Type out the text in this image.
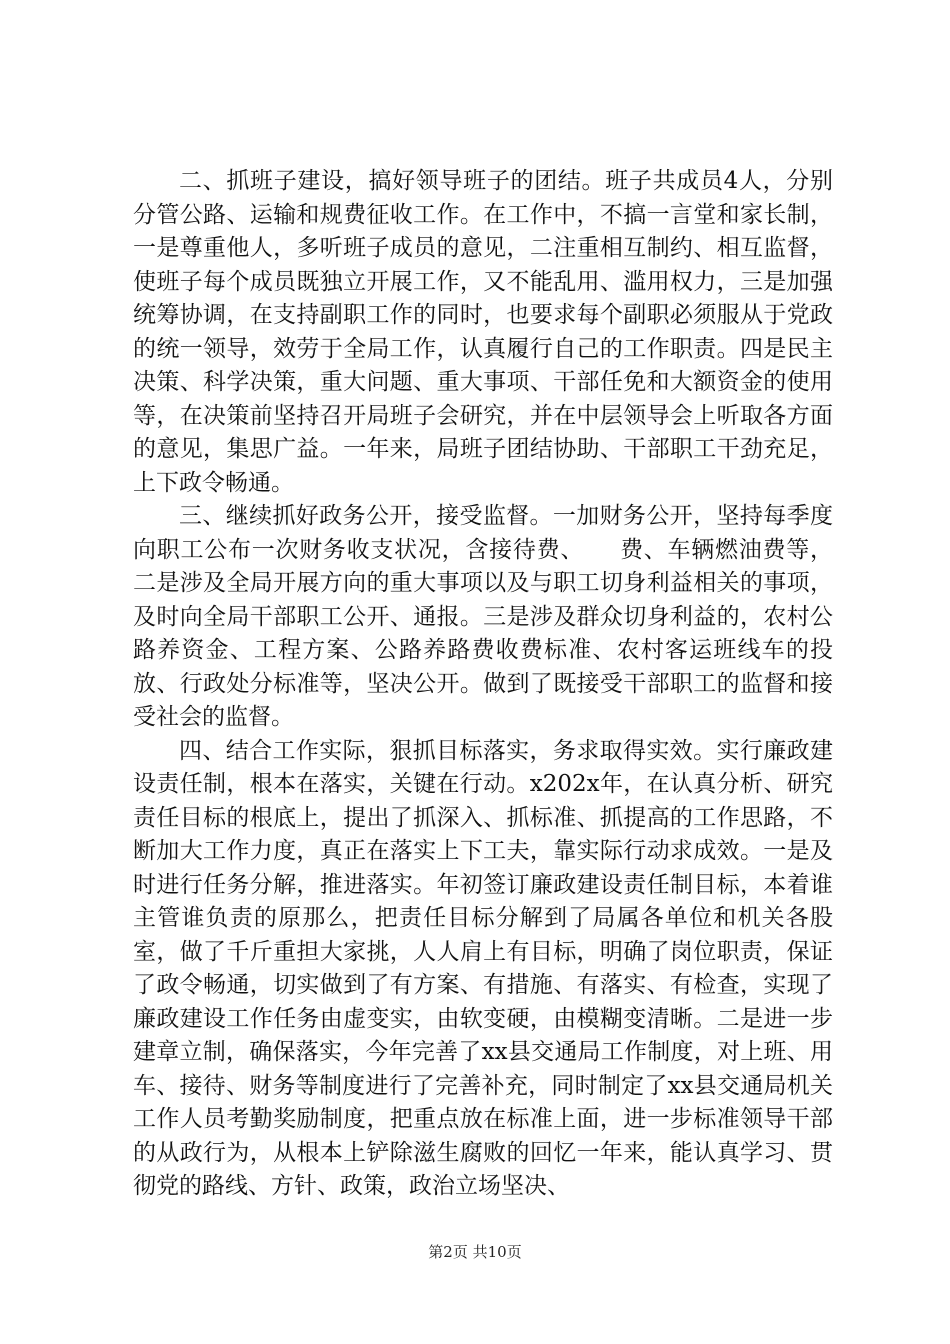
二、抓班子建设，搞好领导班子的团结。班子共成员4人，分别分管公路、运输和规费征收工作。在工作中，不搞一言堂和家长制，一是尊重他人，多听班子成员的意见，二注重相互制约、相互监督，使班子每个成员既独立开展工作，又不能乱用、滥用权力，三是加强统筹协调，在支持副职工作的同时，也要求每个副职必须服从于党政的统一领导，效劳于全局工作，认真履行自己的工作职责。四是民主决策、科学决策，重大问题、重大事项、干部任免和大额资金的使用等，在决策前坚持召开局班子会研究，并在中层领导会上听取各方面的意见，集思广益。一年来，局班子团结协助、干部职工干劲充足，上下政令畅通。

三、继续抓好政务公开，接受监督。一加财务公开，坚持每季度向职工公布一次财务收支状况，含接待费、　　费、车辆燃油费等，二是涉及全局开展方向的重大事项以及与职工切身利益相关的事项，及时向全局干部职工公开、通报。三是涉及群众切身利益的，农村公路养资金、工程方案、公路养路费收费标准、农村客运班线车的投放、行政处分标准等，坚决公开。做到了既接受干部职工的监督和接受社会的监督。

四、结合工作实际，狠抓目标落实，务求取得实效。实行廉政建设责任制，根本在落实，关键在行动。x202x年，在认真分析、研究责任目标的根底上，提出了抓深入、抓标准、抓提高的工作思路，不断加大工作力度，真正在落实上下工夫，靠实际行动求成效。一是及时进行任务分解，推进落实。年初签订廉政建设责任制目标，本着谁主管谁负责的原那么，把责任目标分解到了局属各单位和机关各股室，做了千斤重担大家挑，人人肩上有目标，明确了岗位职责，保证了政令畅通，切实做到了有方案、有措施、有落实、有检查，实现了廉政建设工作任务由虚变实，由软变硬，由模糊变清晰。二是进一步建章立制，确保落实，今年完善了xx县交通局工作制度，对上班、用车、接待、财务等制度进行了完善补充，同时制定了xx县交通局机关工作人员考勤奖励制度，把重点放在标准上面，进一步标准领导干部的从政行为，从根本上铲除滋生腐败的回忆一年来，能认真学习、贯彻党的路线、方针、政策，政治立场坚决、

第2页 共10页
